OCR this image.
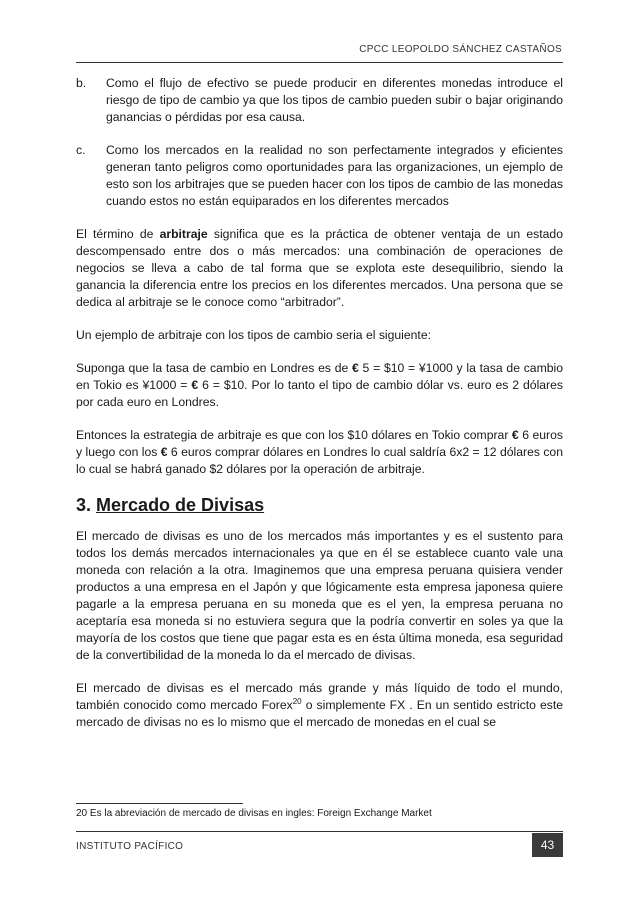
CPCC LEOPOLDO SÁNCHEZ CASTAÑOS
b.	Como el flujo de efectivo se puede producir en diferentes monedas introduce el riesgo de tipo de cambio ya que los tipos de cambio pueden subir o bajar originando ganancias o pérdidas por esa causa.
c.	Como los mercados en la realidad no son perfectamente integrados y eficientes generan tanto peligros como oportunidades para las organizaciones, un ejemplo de esto son los arbitrajes que se pueden hacer con los tipos de cambio de las monedas cuando estos no están equiparados en los diferentes mercados

El término de arbitraje significa que es la práctica de obtener ventaja de un estado descompensado entre dos o más mercados: una combinación de operaciones de negocios se lleva a cabo de tal forma que se explota este desequilibrio, siendo la ganancia la diferencia entre los precios en los diferentes mercados. Una persona que se dedica al arbitraje se le conoce como “arbitrador”.

Un ejemplo de arbitraje con los tipos de cambio seria el siguiente:

Suponga que la tasa de cambio en Londres es de € 5 = $10 = ¥1000 y la tasa de cambio en Tokio es ¥1000 = € 6 = $10. Por lo tanto el tipo de cambio dólar vs. euro es 2 dólares por cada euro en Londres.

Entonces la estrategia de arbitraje es que con los $10 dólares en Tokio comprar € 6 euros y luego con los € 6 euros comprar dólares en Londres lo cual saldría 6x2 = 12 dólares con lo cual se habrá ganado $2 dólares por la operación de arbitraje.

3. Mercado de Divisas

El mercado de divisas es uno de los mercados más importantes y es el sustento para todos los demás mercados internacionales ya que en él se establece cuanto vale una moneda con relación a la otra. Imaginemos que una empresa peruana quisiera vender productos a una empresa en el Japón y que lógicamente esta empresa japonesa quiere pagarle a la empresa peruana en su moneda que es el yen, la empresa peruana no aceptaría esa moneda si no estuviera segura que la podría convertir en soles ya que la mayoría de los costos que tiene que pagar esta es en ésta última moneda, esa seguridad de la convertibilidad de la moneda lo da el mercado de divisas.

El mercado de divisas es el mercado más grande y más líquido de todo el mundo, también conocido como mercado Forex$^{20}$ o simplemente FX . En un sentido estricto este mercado de divisas no es lo mismo que el mercado de monedas en el cual se

20 Es la abreviación de mercado de divisas en ingles: Foreign Exchange Market
INSTITUTO PACÍFICO	43
